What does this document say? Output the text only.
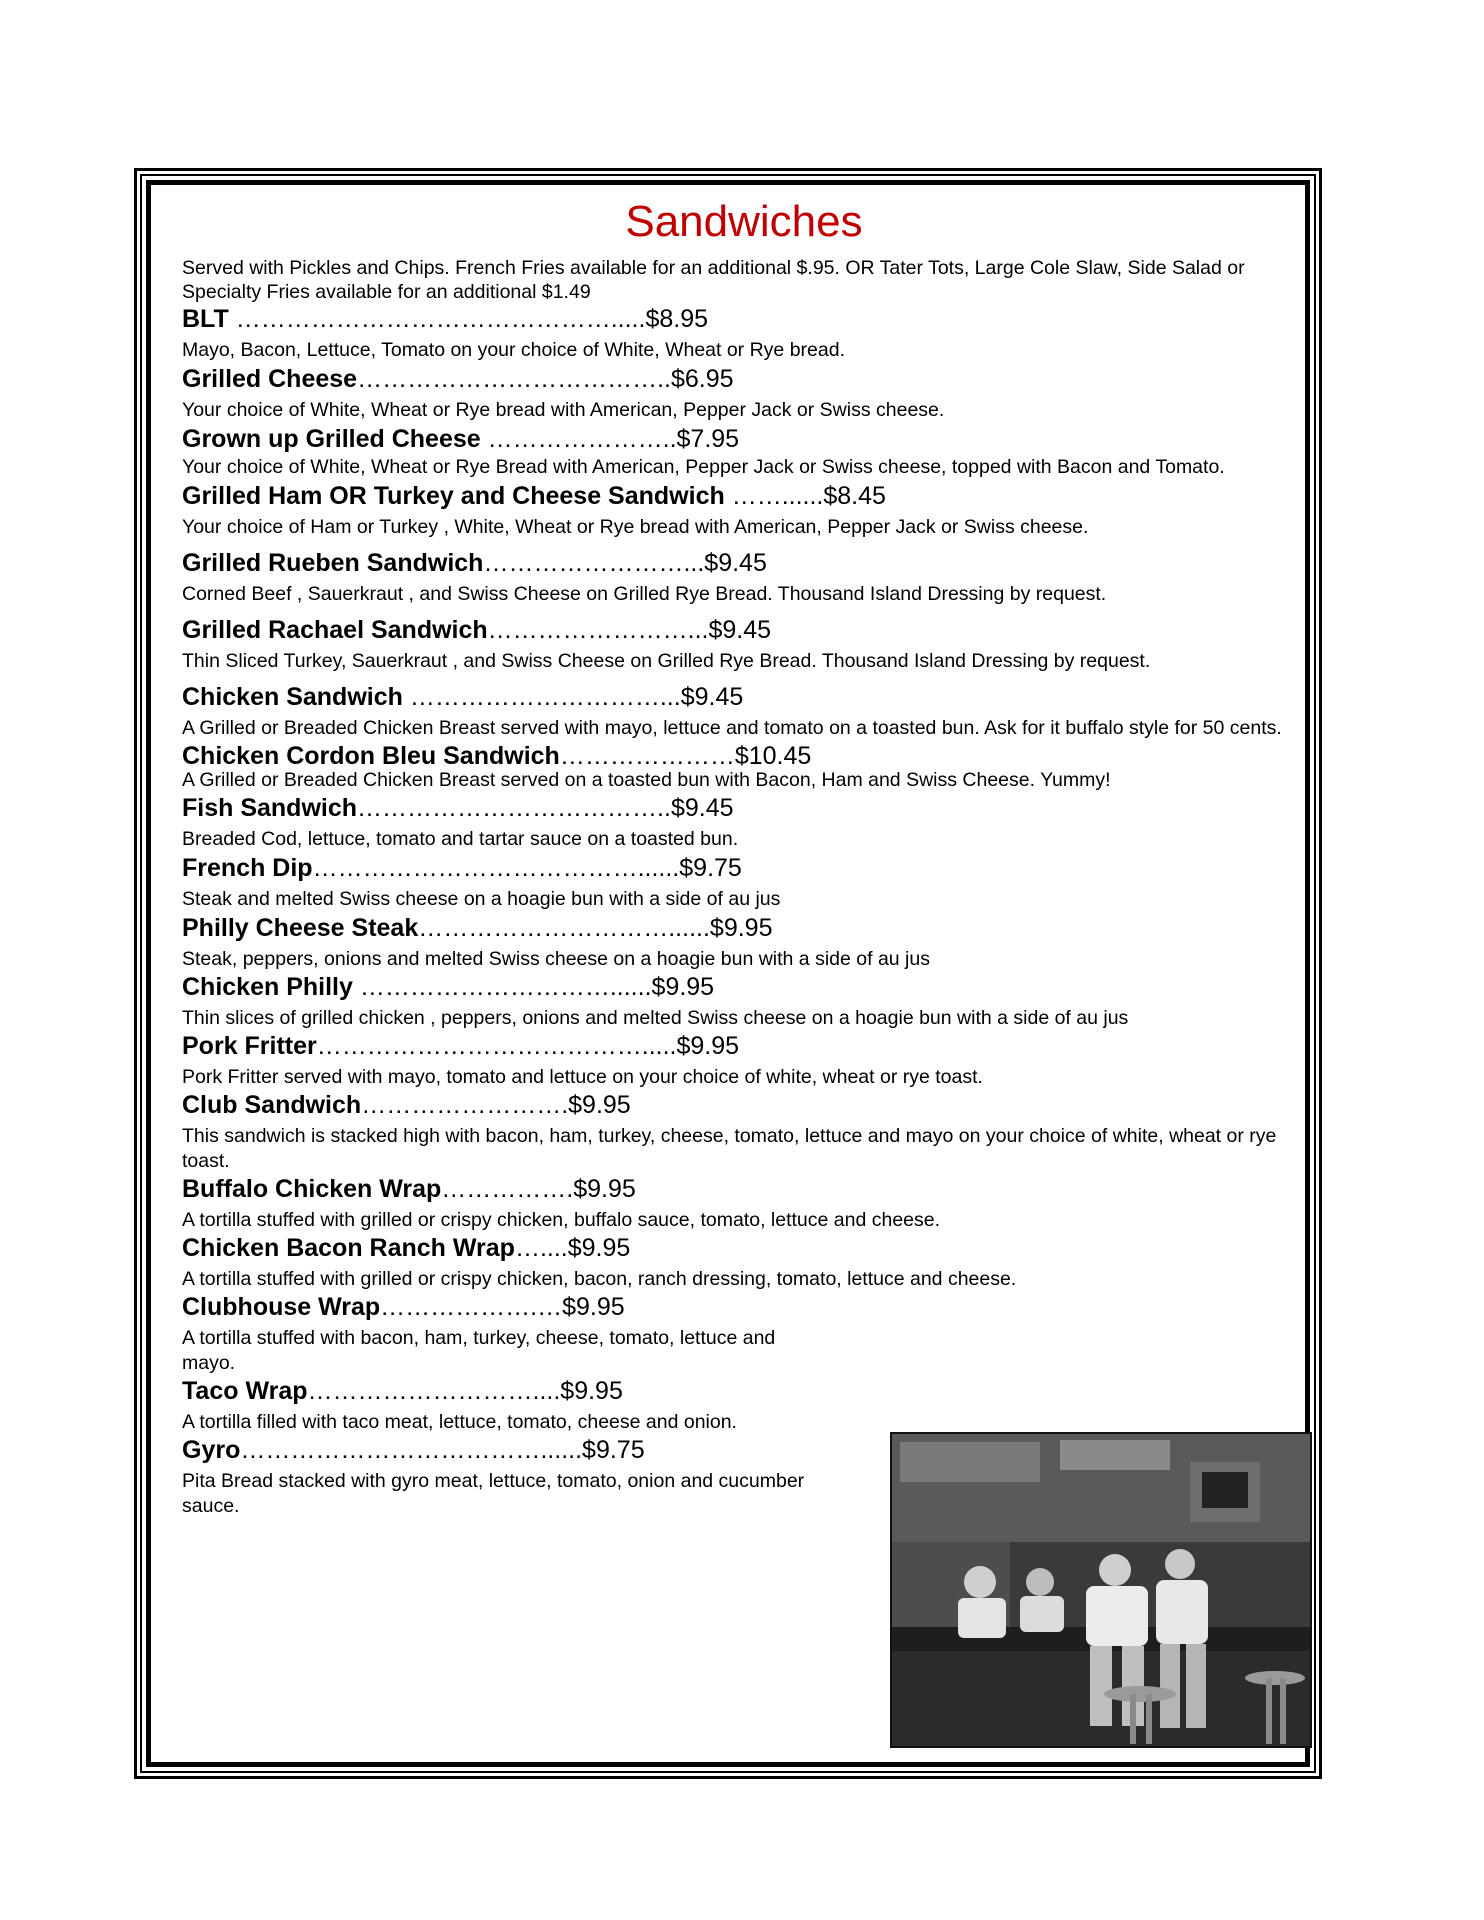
Sandwiches

Served with Pickles and Chips. French Fries available for an additional $.95. OR Tater Tots, Large Cole Slaw, Side Salad or Specialty Fries available for an additional $1.49

BLT ……………………………………….....$8.95
Mayo, Bacon, Lettuce, Tomato on your choice of White, Wheat or Rye bread.
Grilled Cheese………………………………..$6.95
Your choice of White, Wheat or Rye bread with American, Pepper Jack or Swiss cheese.
Grown up Grilled Cheese …………………..$7.95
Your choice of White, Wheat or Rye Bread with American, Pepper Jack or Swiss cheese, topped with Bacon and Tomato.
Grilled Ham OR Turkey and Cheese Sandwich ……......$8.45
Your choice of Ham or Turkey , White, Wheat or Rye bread with American, Pepper Jack or Swiss cheese.
Grilled Rueben Sandwich……………………...$9.45
Corned Beef , Sauerkraut , and Swiss Cheese on Grilled Rye Bread. Thousand Island Dressing by request.
Grilled Rachael Sandwich……………………...$9.45
Thin Sliced Turkey, Sauerkraut , and Swiss Cheese on Grilled Rye Bread. Thousand Island Dressing by request.
Chicken Sandwich …………………………...$9.45
A Grilled or Breaded Chicken Breast served with mayo, lettuce and tomato on a toasted bun. Ask for it buffalo style for 50 cents.
Chicken Cordon Bleu Sandwich…………………$10.45
A Grilled or Breaded Chicken Breast served on a toasted bun with Bacon, Ham and Swiss Cheese. Yummy!
Fish Sandwich………………………………..$9.45
Breaded Cod, lettuce, tomato and tartar sauce on a toasted bun.
French Dip…………………………………......$9.75
Steak and melted Swiss cheese on a hoagie bun with a side of au jus
Philly Cheese Steak…………………………......$9.95
Steak, peppers, onions and melted Swiss cheese on a hoagie bun with a side of au jus
Chicken Philly …………………………......$9.95
Thin slices of grilled chicken , peppers, onions and melted Swiss cheese on a hoagie bun with a side of au jus
Pork Fritter………………………………….....$9.95
Pork Fritter served with mayo, tomato and lettuce on your choice of white, wheat or rye toast.
Club Sandwich…………………….$9.95
This sandwich is stacked high with bacon, ham, turkey, cheese, tomato, lettuce and mayo on your choice of white, wheat or rye toast.
Buffalo Chicken Wrap…………….$9.95
A tortilla stuffed with grilled or crispy chicken, buffalo sauce, tomato, lettuce and cheese.
Chicken Bacon Ranch Wrap…....$9.95
A tortilla stuffed with grilled or crispy chicken, bacon, ranch dressing, tomato, lettuce and cheese.
Clubhouse Wrap……………….…$9.95
A tortilla stuffed with bacon, ham, turkey, cheese, tomato, lettuce and mayo.
Taco Wrap………………………....$9.95
A tortilla filled with taco meat, lettuce, tomato, cheese and onion.
Gyro………………………………......$9.75
Pita Bread stacked with gyro meat, lettuce, tomato, onion and cucumber sauce.
